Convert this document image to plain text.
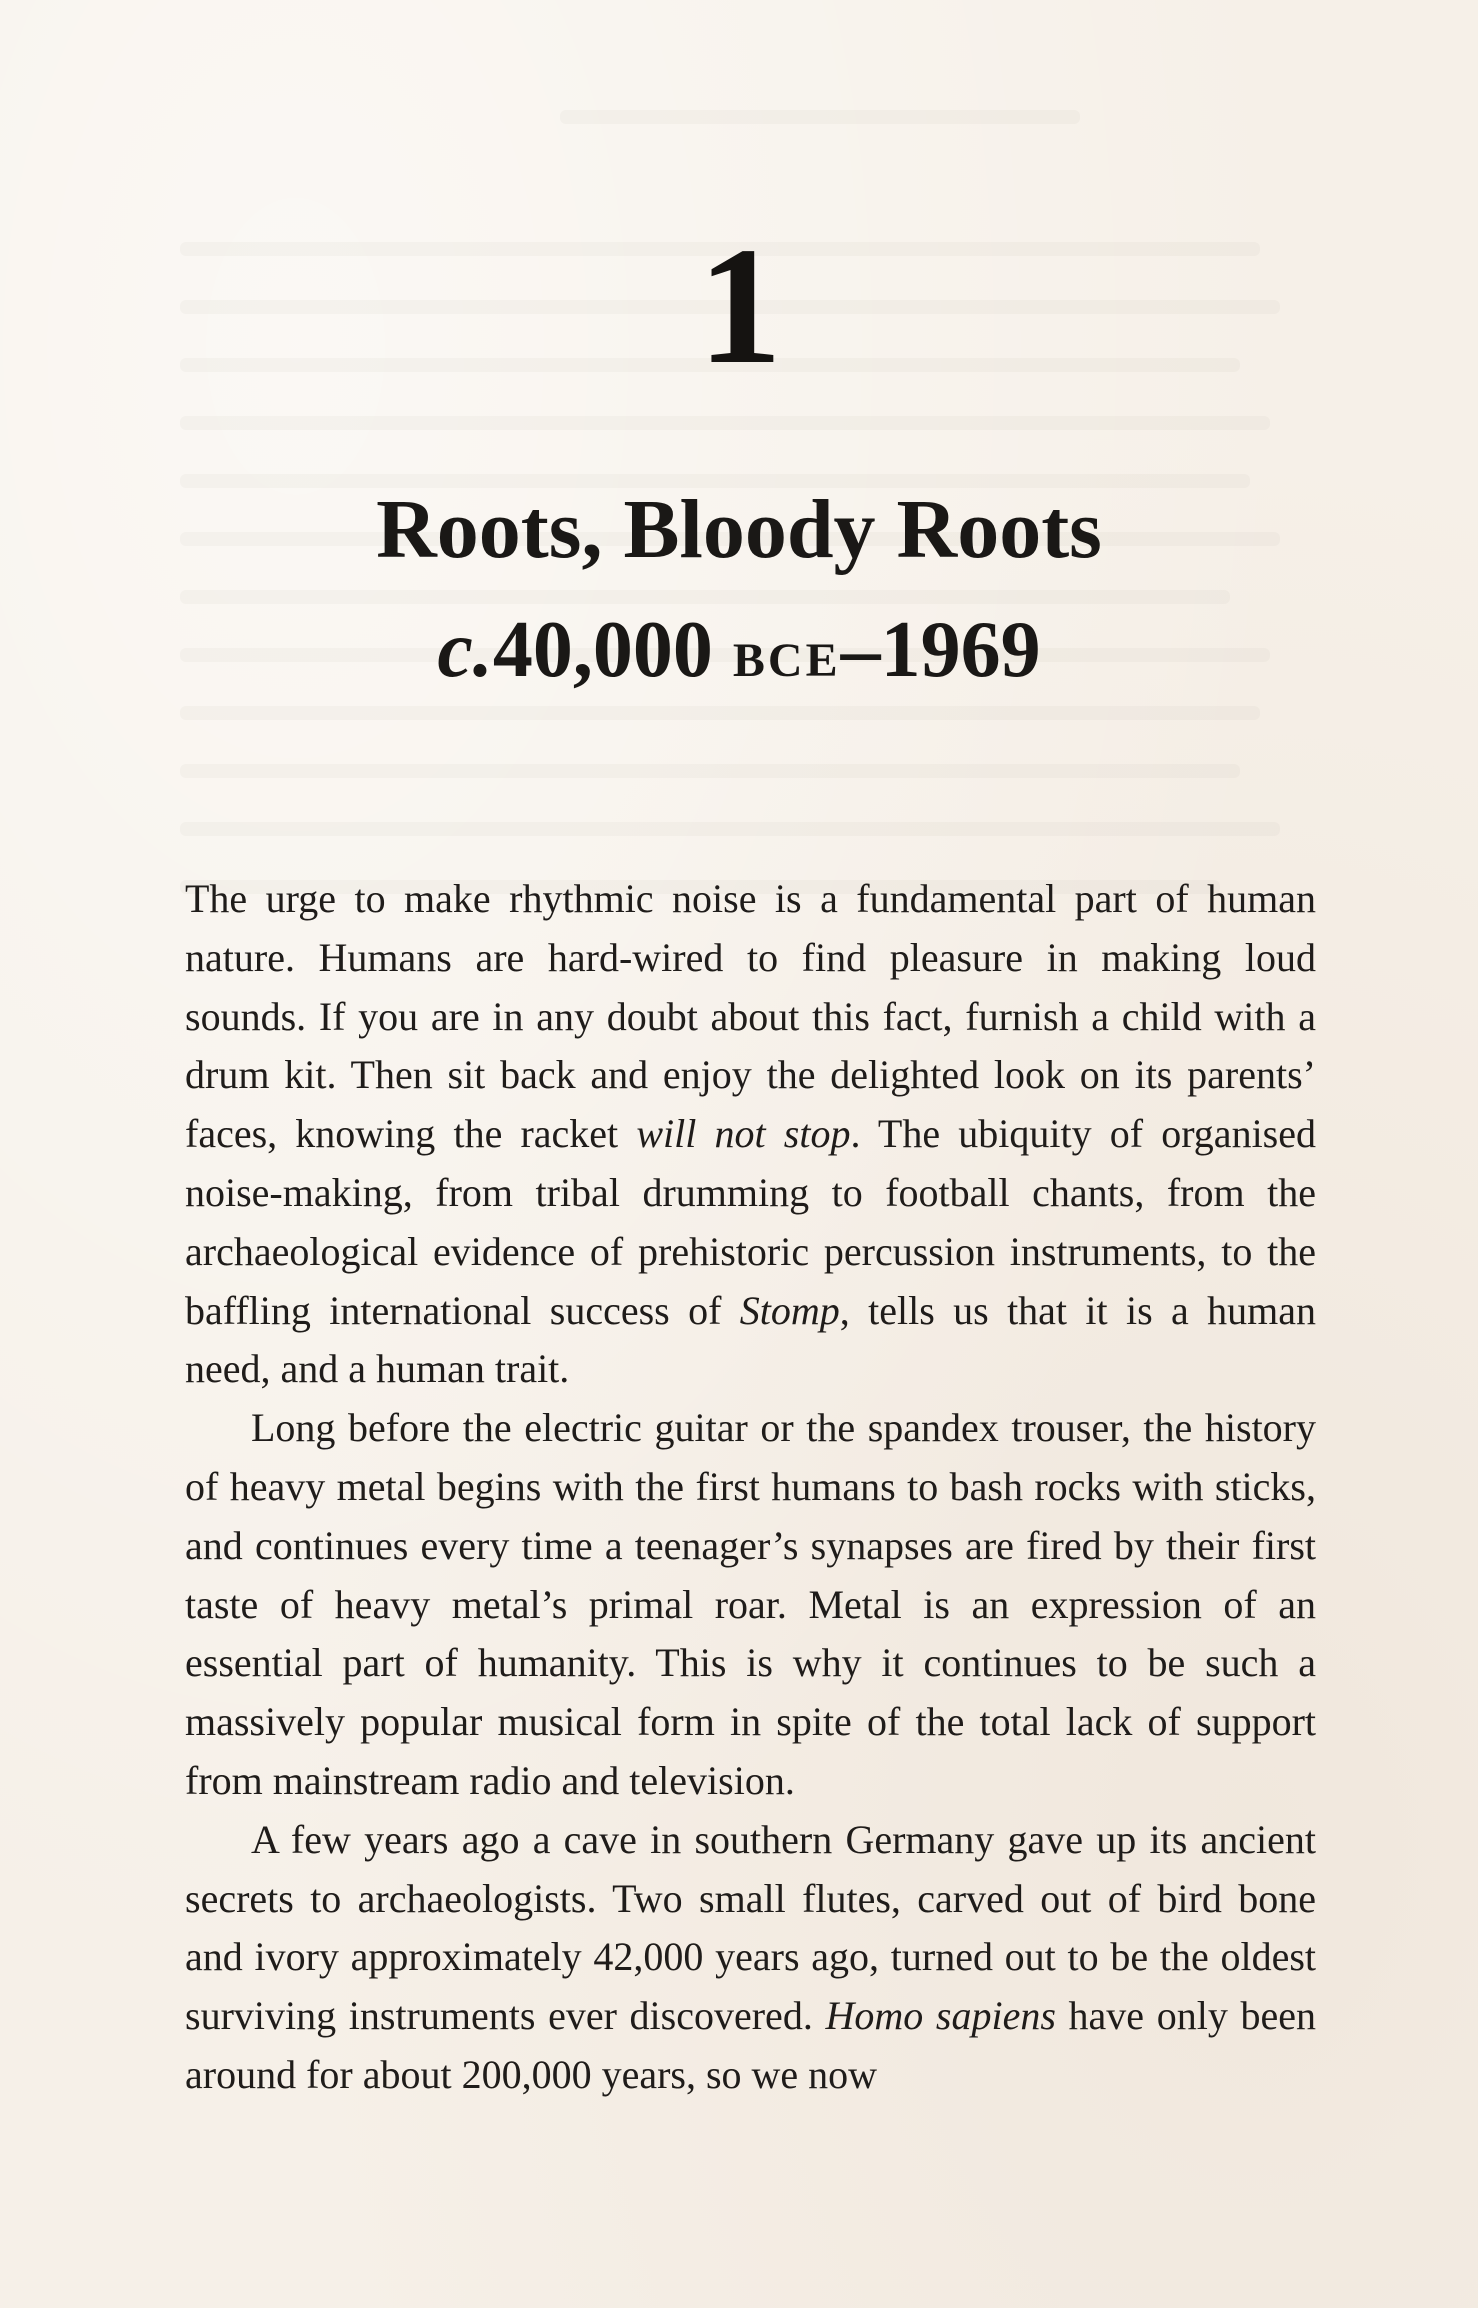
1
Roots, Bloody Roots
c.40,000 bce–1969

The urge to make rhythmic noise is a fundamental part of human nature. Humans are hard-wired to find pleasure in making loud sounds. If you are in any doubt about this fact, furnish a child with a drum kit. Then sit back and enjoy the delighted look on its parents’ faces, knowing the racket will not stop. The ubiquity of organised noise-making, from tribal drumming to football chants, from the archaeological evidence of prehistoric percussion instruments, to the baffling international success of Stomp, tells us that it is a human need, and a human trait.

Long before the electric guitar or the spandex trouser, the history of heavy metal begins with the first humans to bash rocks with sticks, and continues every time a teenager’s synapses are fired by their first taste of heavy metal’s primal roar. Metal is an expression of an essential part of humanity. This is why it continues to be such a massively popular musical form in spite of the total lack of support from mainstream radio and television.

A few years ago a cave in southern Germany gave up its ancient secrets to archaeologists. Two small flutes, carved out of bird bone and ivory approximately 42,000 years ago, turned out to be the oldest surviving instruments ever discovered. Homo sapiens have only been around for about 200,000 years, so we now
